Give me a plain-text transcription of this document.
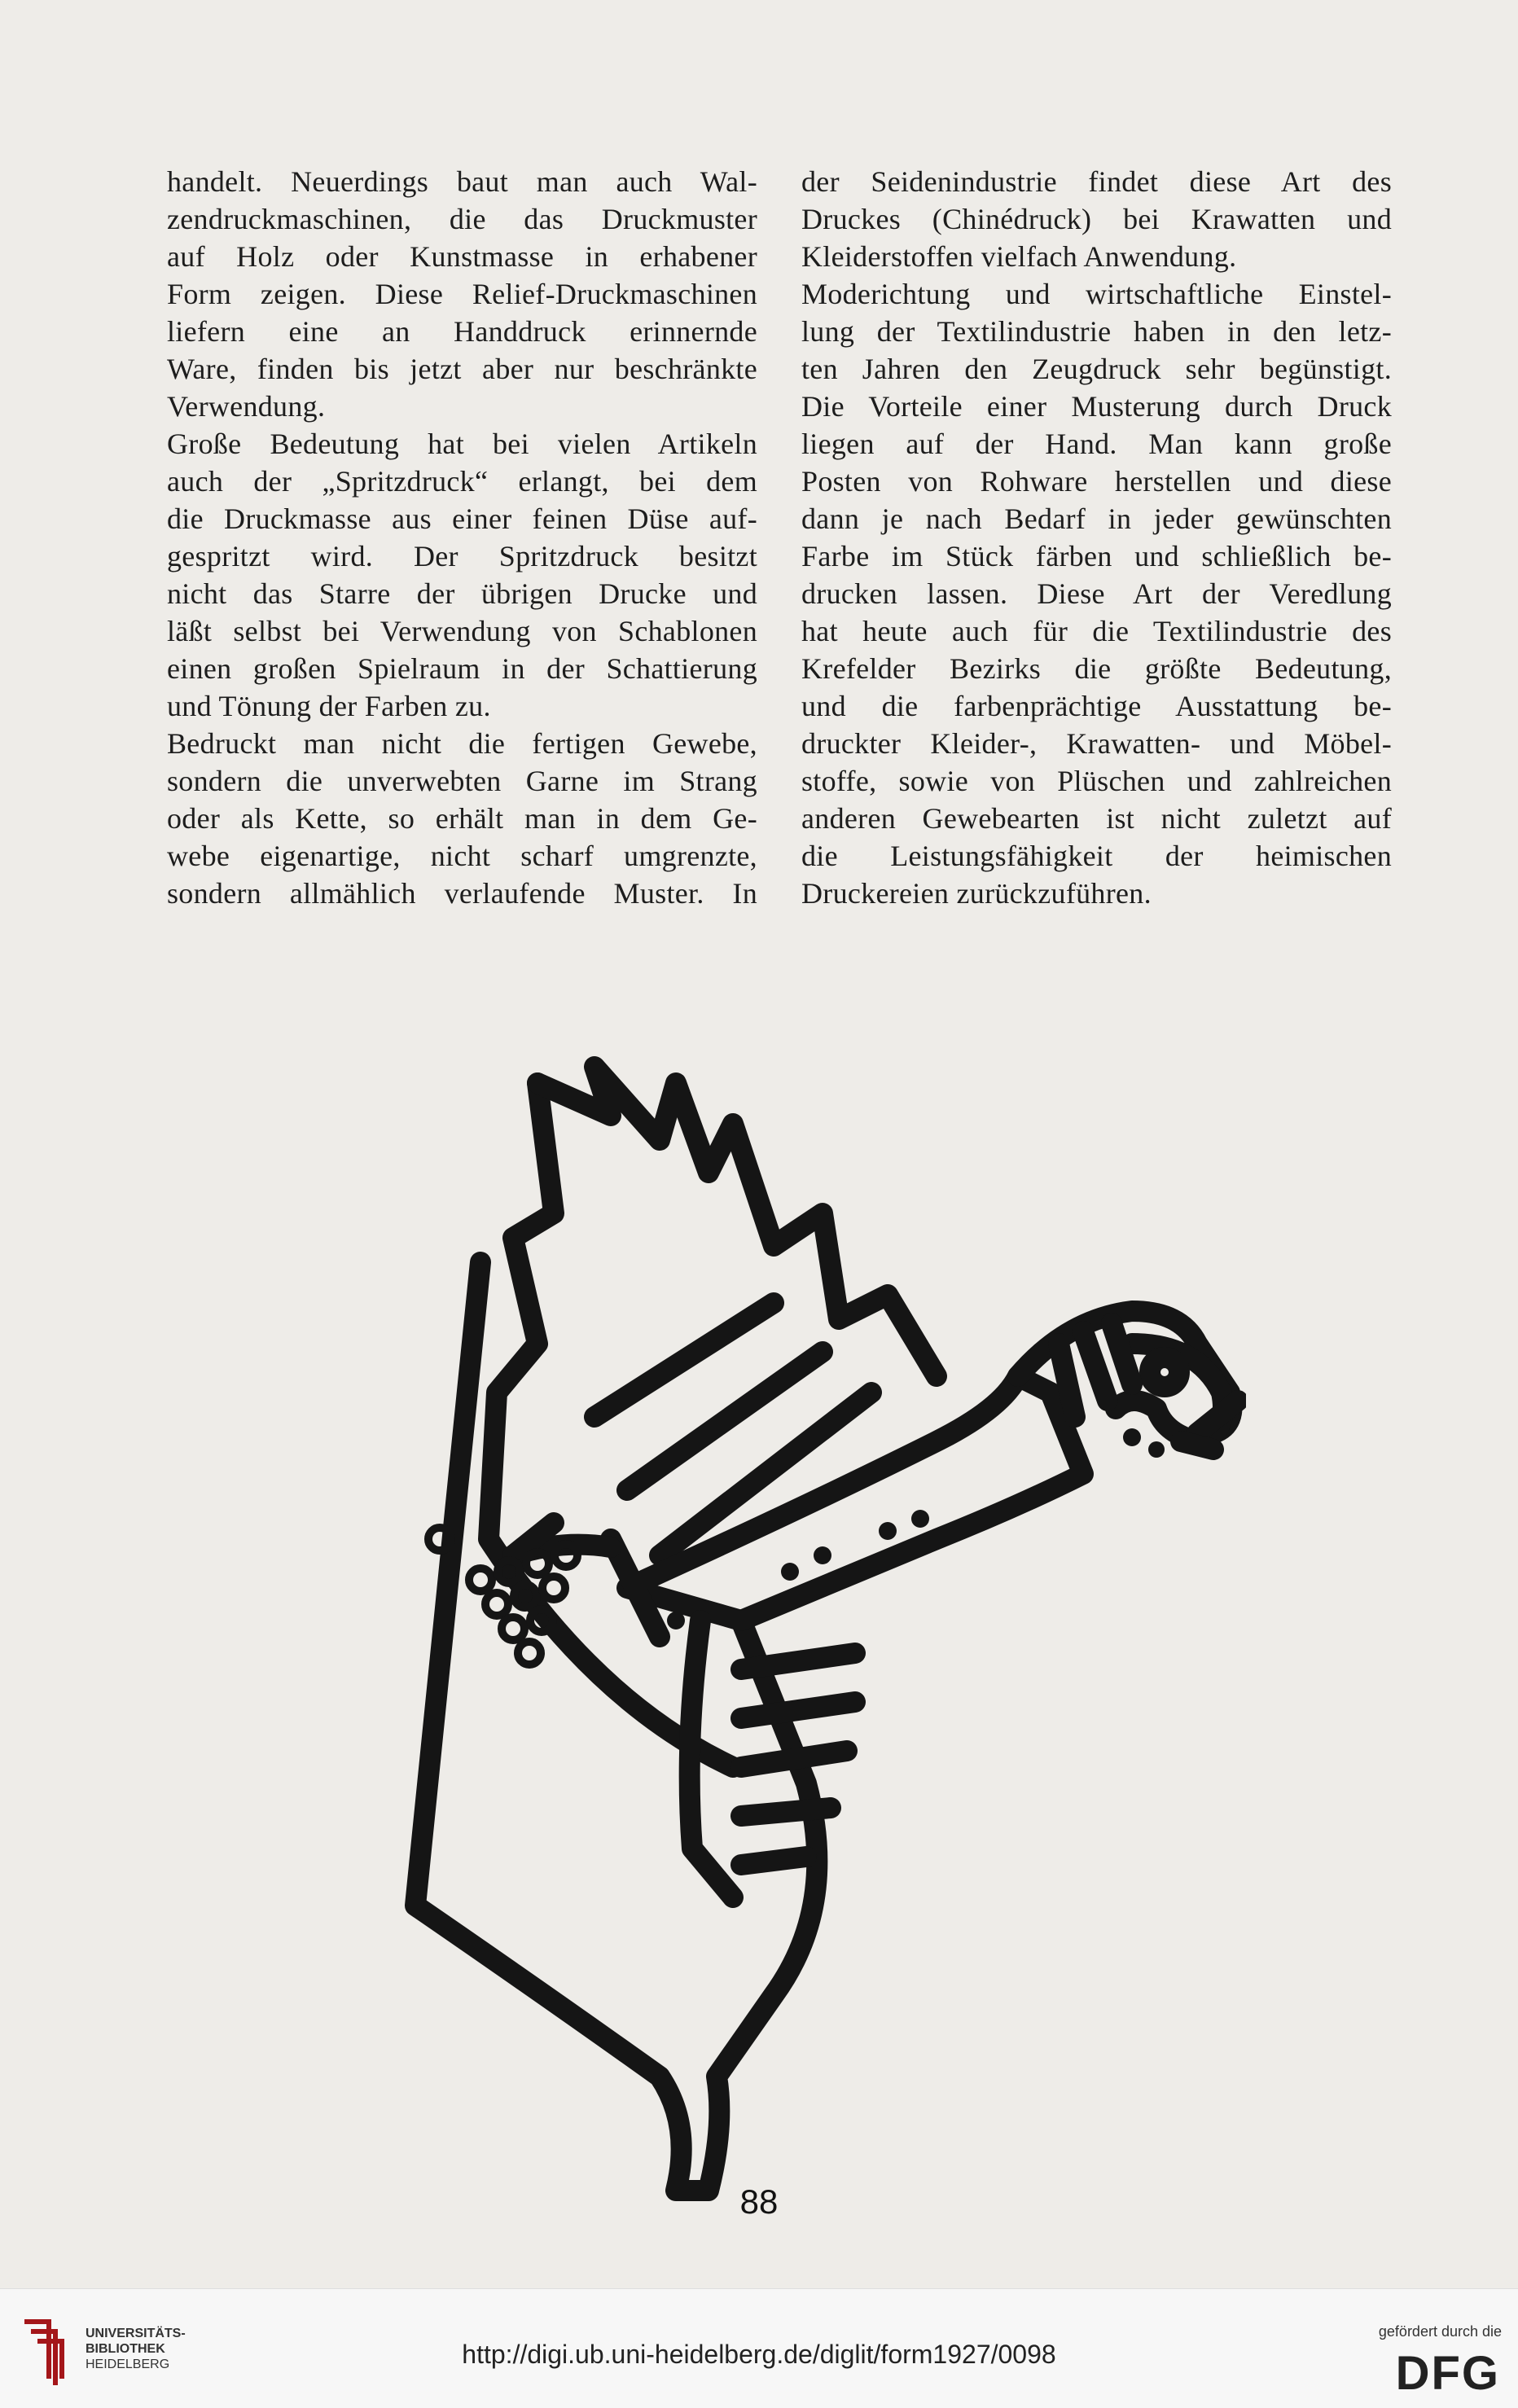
handelt. Neuerdings baut man auch Wal-
zendruckmaschinen, die das Druckmuster
auf Holz oder Kunstmasse in erhabener
Form zeigen. Diese Relief-Druckmaschinen
liefern eine an Handdruck erinnernde
Ware, finden bis jetzt aber nur beschränkte
Verwendung.
Große Bedeutung hat bei vielen Artikeln
auch der „Spritzdruck“ erlangt, bei dem
die Druckmasse aus einer feinen Düse auf-
gespritzt wird. Der Spritzdruck besitzt
nicht das Starre der übrigen Drucke und
läßt selbst bei Verwendung von Schablonen
einen großen Spielraum in der Schattierung
und Tönung der Farben zu.
Bedruckt man nicht die fertigen Gewebe,
sondern die unverwebten Garne im Strang
oder als Kette, so erhält man in dem Ge-
webe eigenartige, nicht scharf umgrenzte,
sondern allmählich verlaufende Muster. In
der Seidenindustrie findet diese Art des
Druckes (Chinédruck) bei Krawatten und
Kleiderstoffen vielfach Anwendung.
Moderichtung und wirtschaftliche Einstel-
lung der Textilindustrie haben in den letz-
ten Jahren den Zeugdruck sehr begünstigt.
Die Vorteile einer Musterung durch Druck
liegen auf der Hand. Man kann große
Posten von Rohware herstellen und diese
dann je nach Bedarf in jeder gewünschten
Farbe im Stück färben und schließlich be-
drucken lassen. Diese Art der Veredlung
hat heute auch für die Textilindustrie des
Krefelder Bezirks die größte Bedeutung,
und die farbenprächtige Ausstattung be-
druckter Kleider-, Krawatten- und Möbel-
stoffe, sowie von Plüschen und zahlreichen
anderen Gewebearten ist nicht zuletzt auf
die Leistungsfähigkeit der heimischen
Druckereien zurückzuführen.
88
UNIVERSITÄTS-
BIBLIOTHEK
HEIDELBERG	http://digi.ub.uni-heidelberg.de/diglit/form1927/0098
gefördert durch die
DFG
